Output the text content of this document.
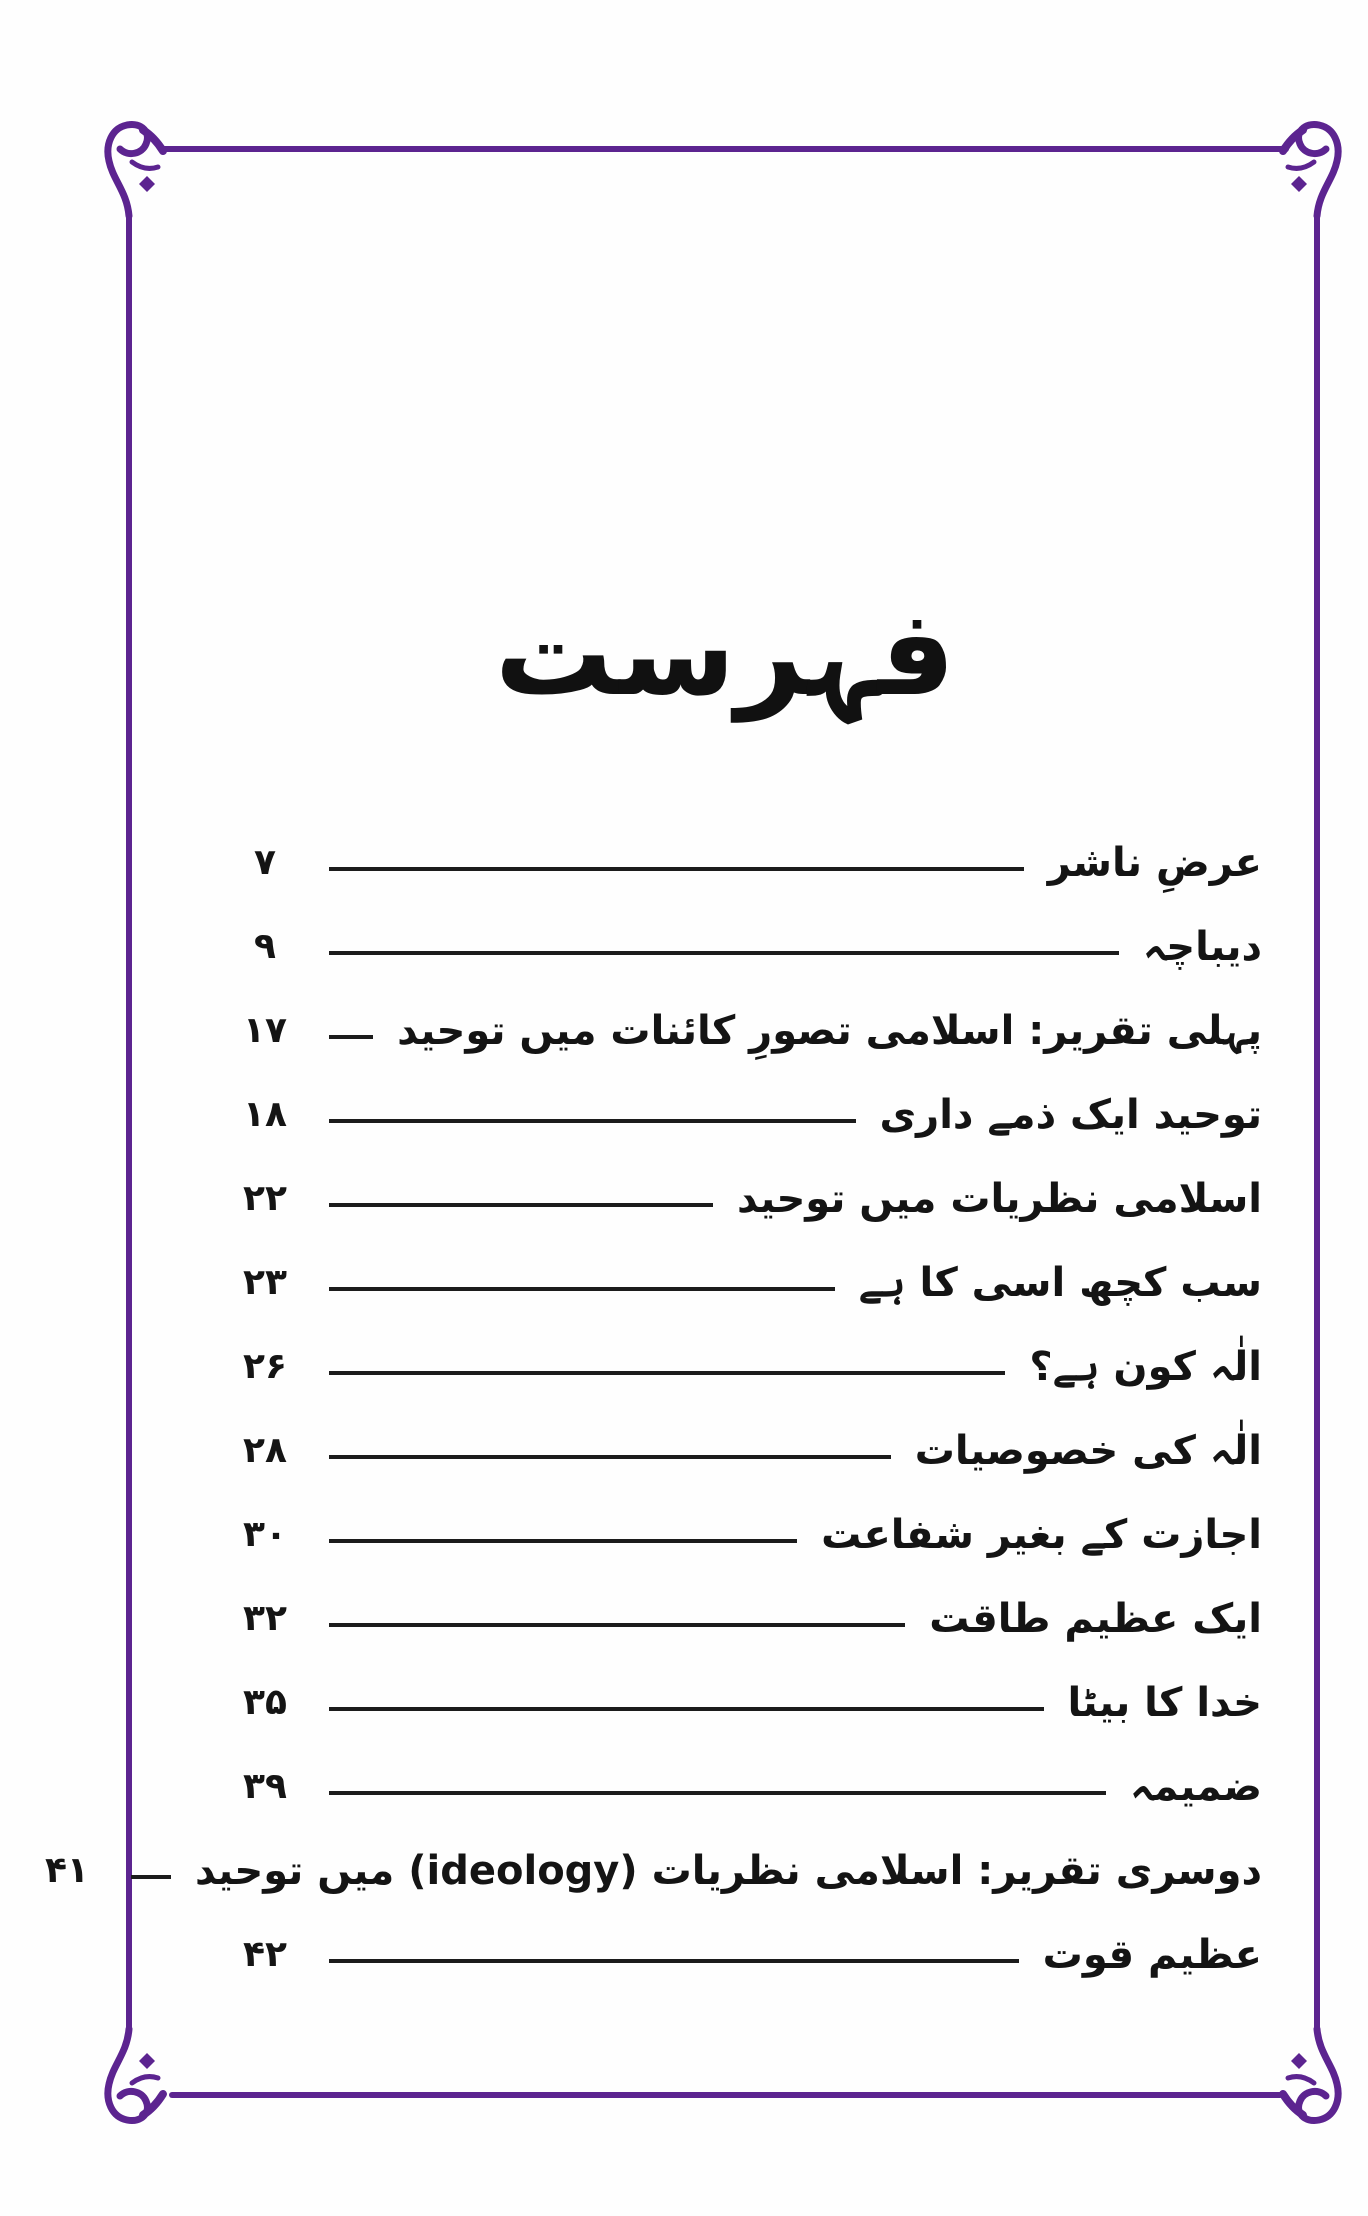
فہرست
عرضِ ناشر
۷
دیباچہ
۹
پہلی تقریر: اسلامی تصورِ کائنات میں توحید
۱۷
توحید ایک ذمے داری
۱۸
اسلامی نظریات میں توحید
۲۲
سب کچھ اسی کا ہے
۲۳
الٰہ کون ہے؟
۲۶
الٰہ کی خصوصیات
۲۸
اجازت کے بغیر شفاعت
۳۰
ایک عظیم طاقت
۳۲
خدا کا بیٹا
۳۵
ضمیمہ
۳۹
دوسری تقریر: اسلامی نظریات (ideology) میں توحید
۴۱
عظیم قوت
۴۲
